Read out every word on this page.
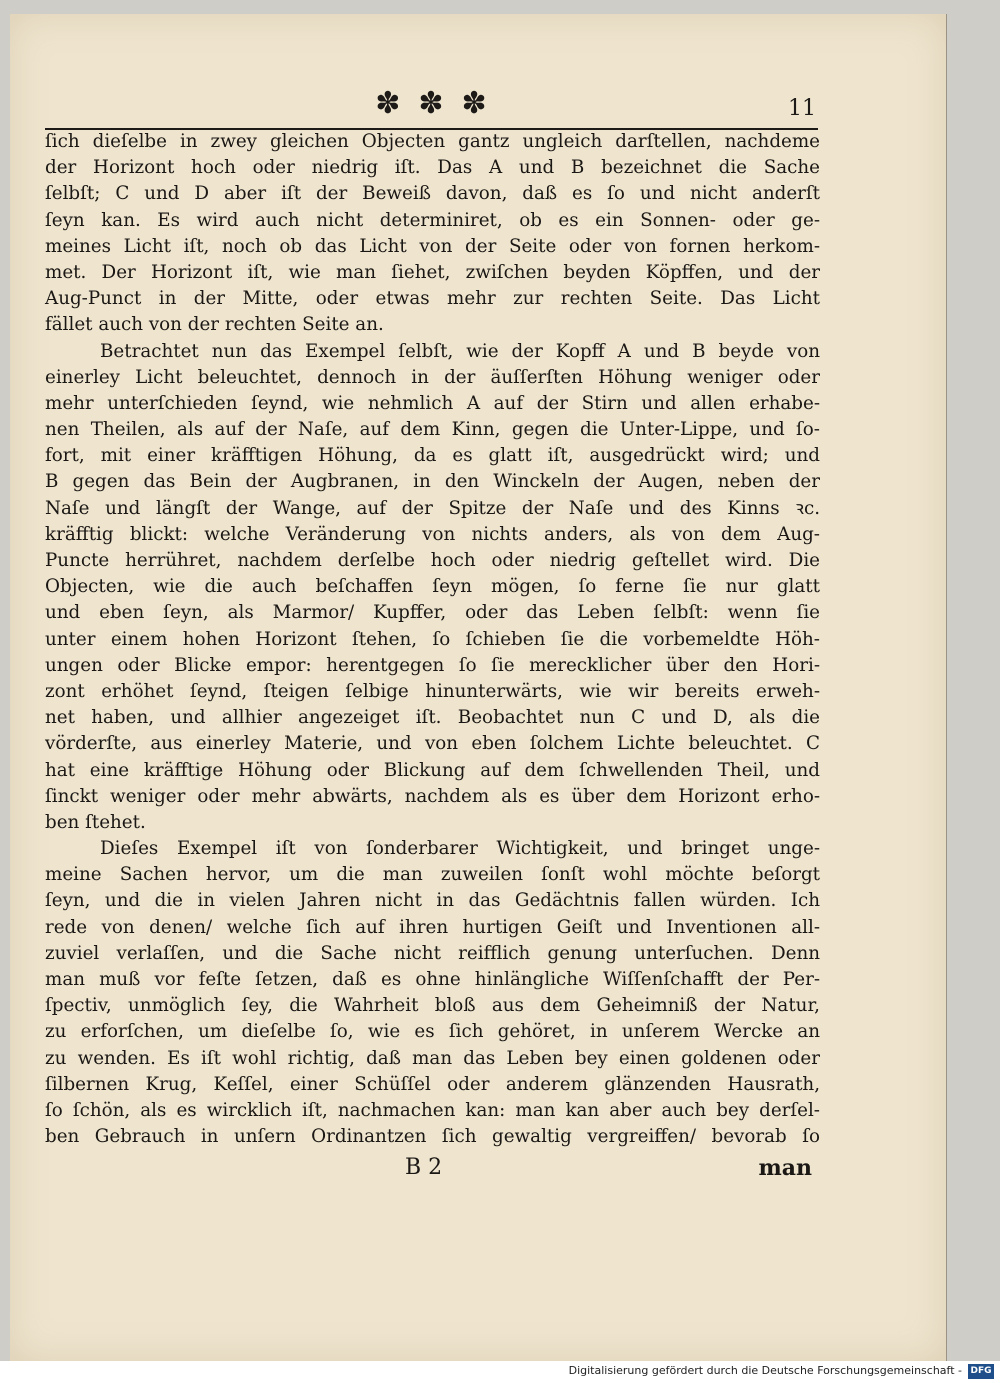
✽✽✽	11
ſich dieſelbe in zwey gleichen Objecten gantz ungleich darſtellen, nachdeme
der Horizont hoch oder niedrig iſt. Das A und B bezeichnet die Sache
ſelbſt; C und D aber iſt der Beweiß davon, daß es ſo und nicht anderſt
ſeyn kan. Es wird auch nicht determiniret, ob es ein Sonnen- oder ge-
meines Licht iſt, noch ob das Licht von der Seite oder von fornen herkom-
met. Der Horizont iſt, wie man ſiehet, zwiſchen beyden Köpffen, und der
Aug-Punct in der Mitte, oder etwas mehr zur rechten Seite. Das Licht
fället auch von der rechten Seite an.
Betrachtet nun das Exempel ſelbſt, wie der Kopff A und B beyde von
einerley Licht beleuchtet, dennoch in der äuſſerſten Höhung weniger oder
mehr unterſchieden ſeynd, wie nehmlich A auf der Stirn und allen erhabe-
nen Theilen, als auf der Naſe, auf dem Kinn, gegen die Unter-Lippe, und ſo-
fort, mit einer kräfftigen Höhung, da es glatt iſt, ausgedrückt wird; und
B gegen das Bein der Augbranen, in den Winckeln der Augen, neben der
Naſe und längſt der Wange, auf der Spitze der Naſe und des Kinns ꝛc.
kräfftig blickt: welche Veränderung von nichts anders, als von dem Aug-
Puncte herrühret, nachdem derſelbe hoch oder niedrig geſtellet wird. Die
Objecten, wie die auch beſchaffen ſeyn mögen, ſo ferne ſie nur glatt
und eben ſeyn, als Marmor/ Kupffer, oder das Leben ſelbſt: wenn ſie
unter einem hohen Horizont ſtehen, ſo ſchieben ſie die vorbemeldte Höh-
ungen oder Blicke empor: herentgegen ſo ſie merecklicher über den Hori-
zont erhöhet ſeynd, ſteigen ſelbige hinunterwärts, wie wir bereits erweh-
net haben, und allhier angezeiget iſt. Beobachtet nun C und D, als die
vörderſte, aus einerley Materie, und von eben ſolchem Lichte beleuchtet. C
hat eine kräfftige Höhung oder Blickung auf dem ſchwellenden Theil, und
ſinckt weniger oder mehr abwärts, nachdem als es über dem Horizont erho-
ben ſtehet.
Dieſes Exempel iſt von ſonderbarer Wichtigkeit, und bringet unge-
meine Sachen hervor, um die man zuweilen ſonſt wohl möchte beſorgt
ſeyn, und die in vielen Jahren nicht in das Gedächtnis fallen würden. Ich
rede von denen/ welche ſich auf ihren hurtigen Geiſt und Inventionen all-
zuviel verlaſſen, und die Sache nicht reifflich genung unterſuchen. Denn
man muß vor feſte ſetzen, daß es ohne hinlängliche Wiſſenſchafft der Per-
ſpectiv, unmöglich ſey, die Wahrheit bloß aus dem Geheimniß der Natur,
zu erforſchen, um dieſelbe ſo, wie es ſich gehöret, in unſerem Wercke an
zu wenden. Es iſt wohl richtig, daß man das Leben bey einen goldenen oder
ſilbernen Krug, Keſſel, einer Schüſſel oder anderem glänzenden Hausrath,
ſo ſchön, als es wircklich iſt, nachmachen kan: man kan aber auch bey derſel-
ben Gebrauch in unſern Ordinantzen ſich gewaltig vergreiffen/ bevorab ſo
B 2	man
Digitalisierung gefördert durch die Deutsche Forschungsgemeinschaft - DFG
